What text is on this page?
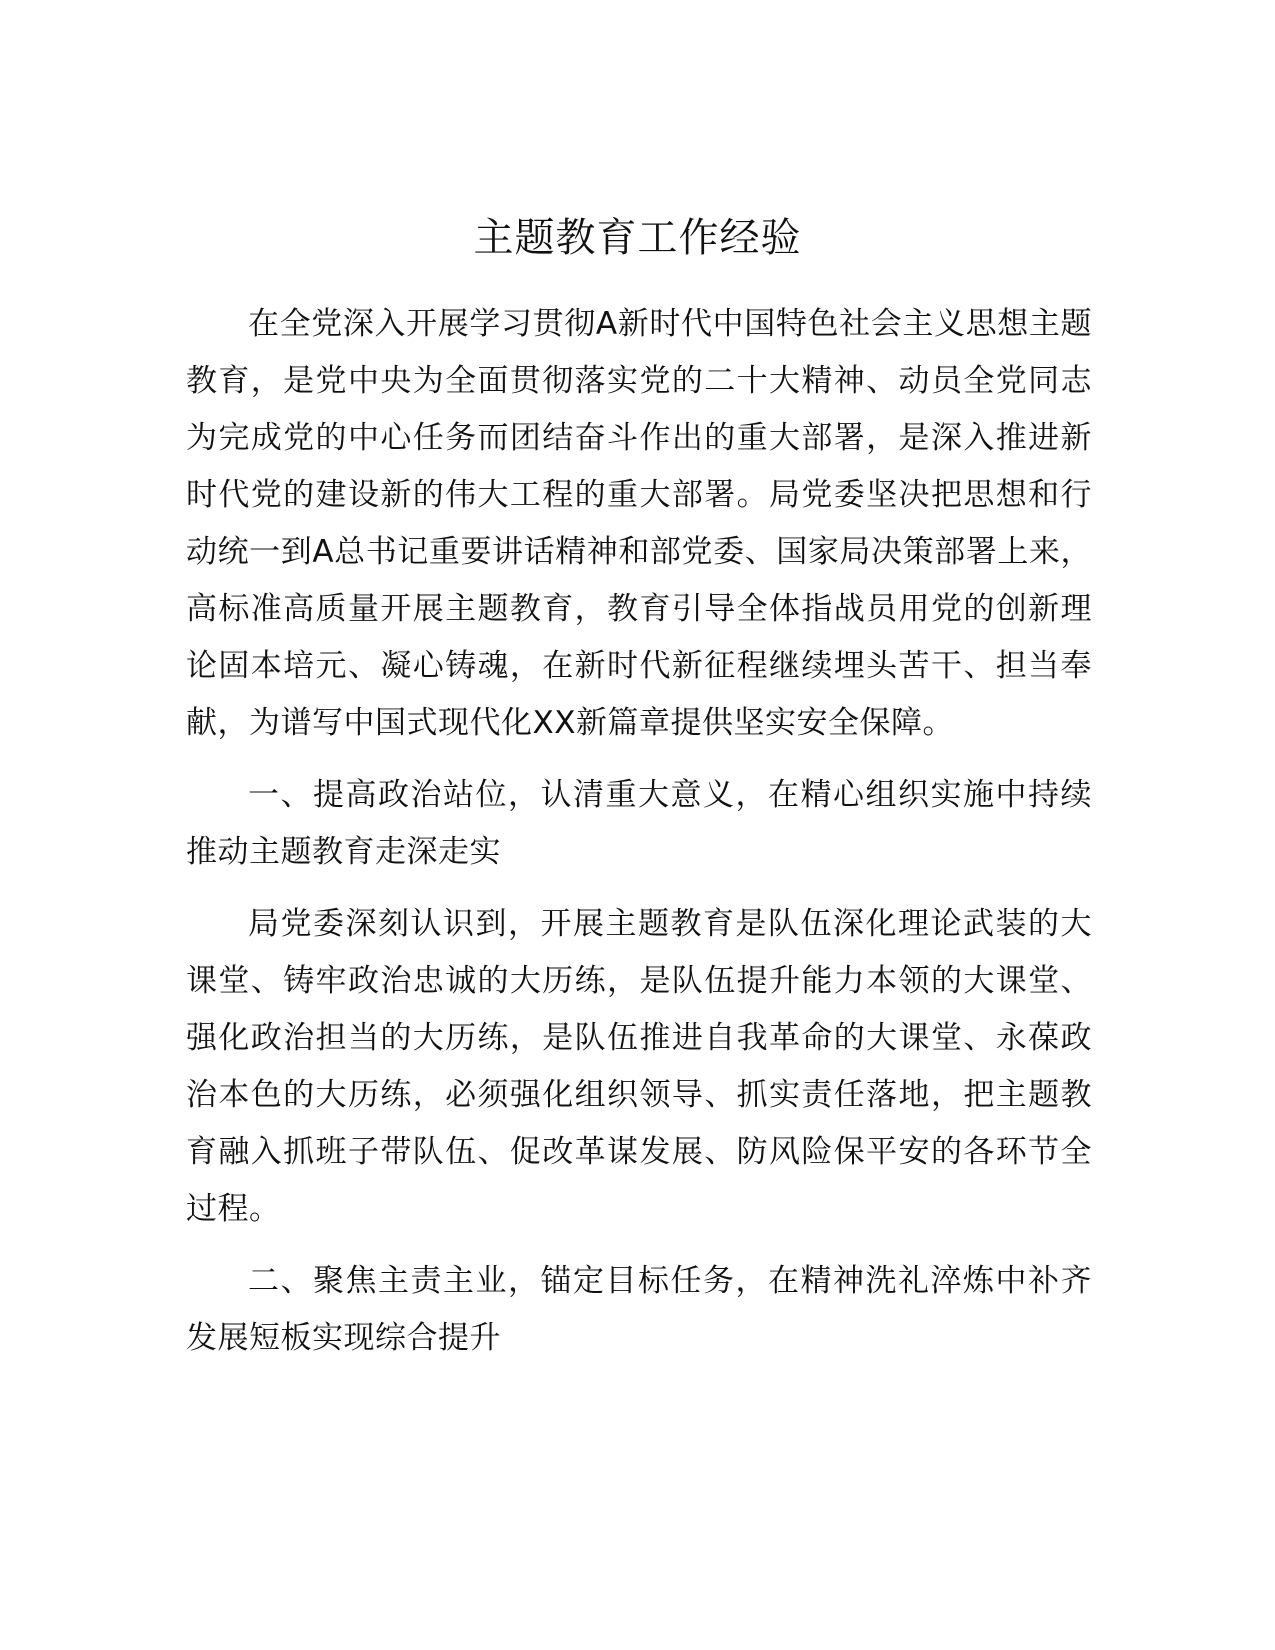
主题教育工作经验

在全党深入开展学习贯彻A新时代中国特色社会主义思想主题教育，是党中央为全面贯彻落实党的二十大精神、动员全党同志为完成党的中心任务而团结奋斗作出的重大部署，是深入推进新时代党的建设新的伟大工程的重大部署。局党委坚决把思想和行动统一到A总书记重要讲话精神和部党委、国家局决策部署上来，高标准高质量开展主题教育，教育引导全体指战员用党的创新理论固本培元、凝心铸魂，在新时代新征程继续埋头苦干、担当奉献，为谱写中国式现代化XX新篇章提供坚实安全保障。

一、提高政治站位，认清重大意义，在精心组织实施中持续推动主题教育走深走实

局党委深刻认识到，开展主题教育是队伍深化理论武装的大课堂、铸牢政治忠诚的大历练，是队伍提升能力本领的大课堂、强化政治担当的大历练，是队伍推进自我革命的大课堂、永葆政治本色的大历练，必须强化组织领导、抓实责任落地，把主题教育融入抓班子带队伍、促改革谋发展、防风险保平安的各环节全过程。

二、聚焦主责主业，锚定目标任务，在精神洗礼淬炼中补齐发展短板实现综合提升
